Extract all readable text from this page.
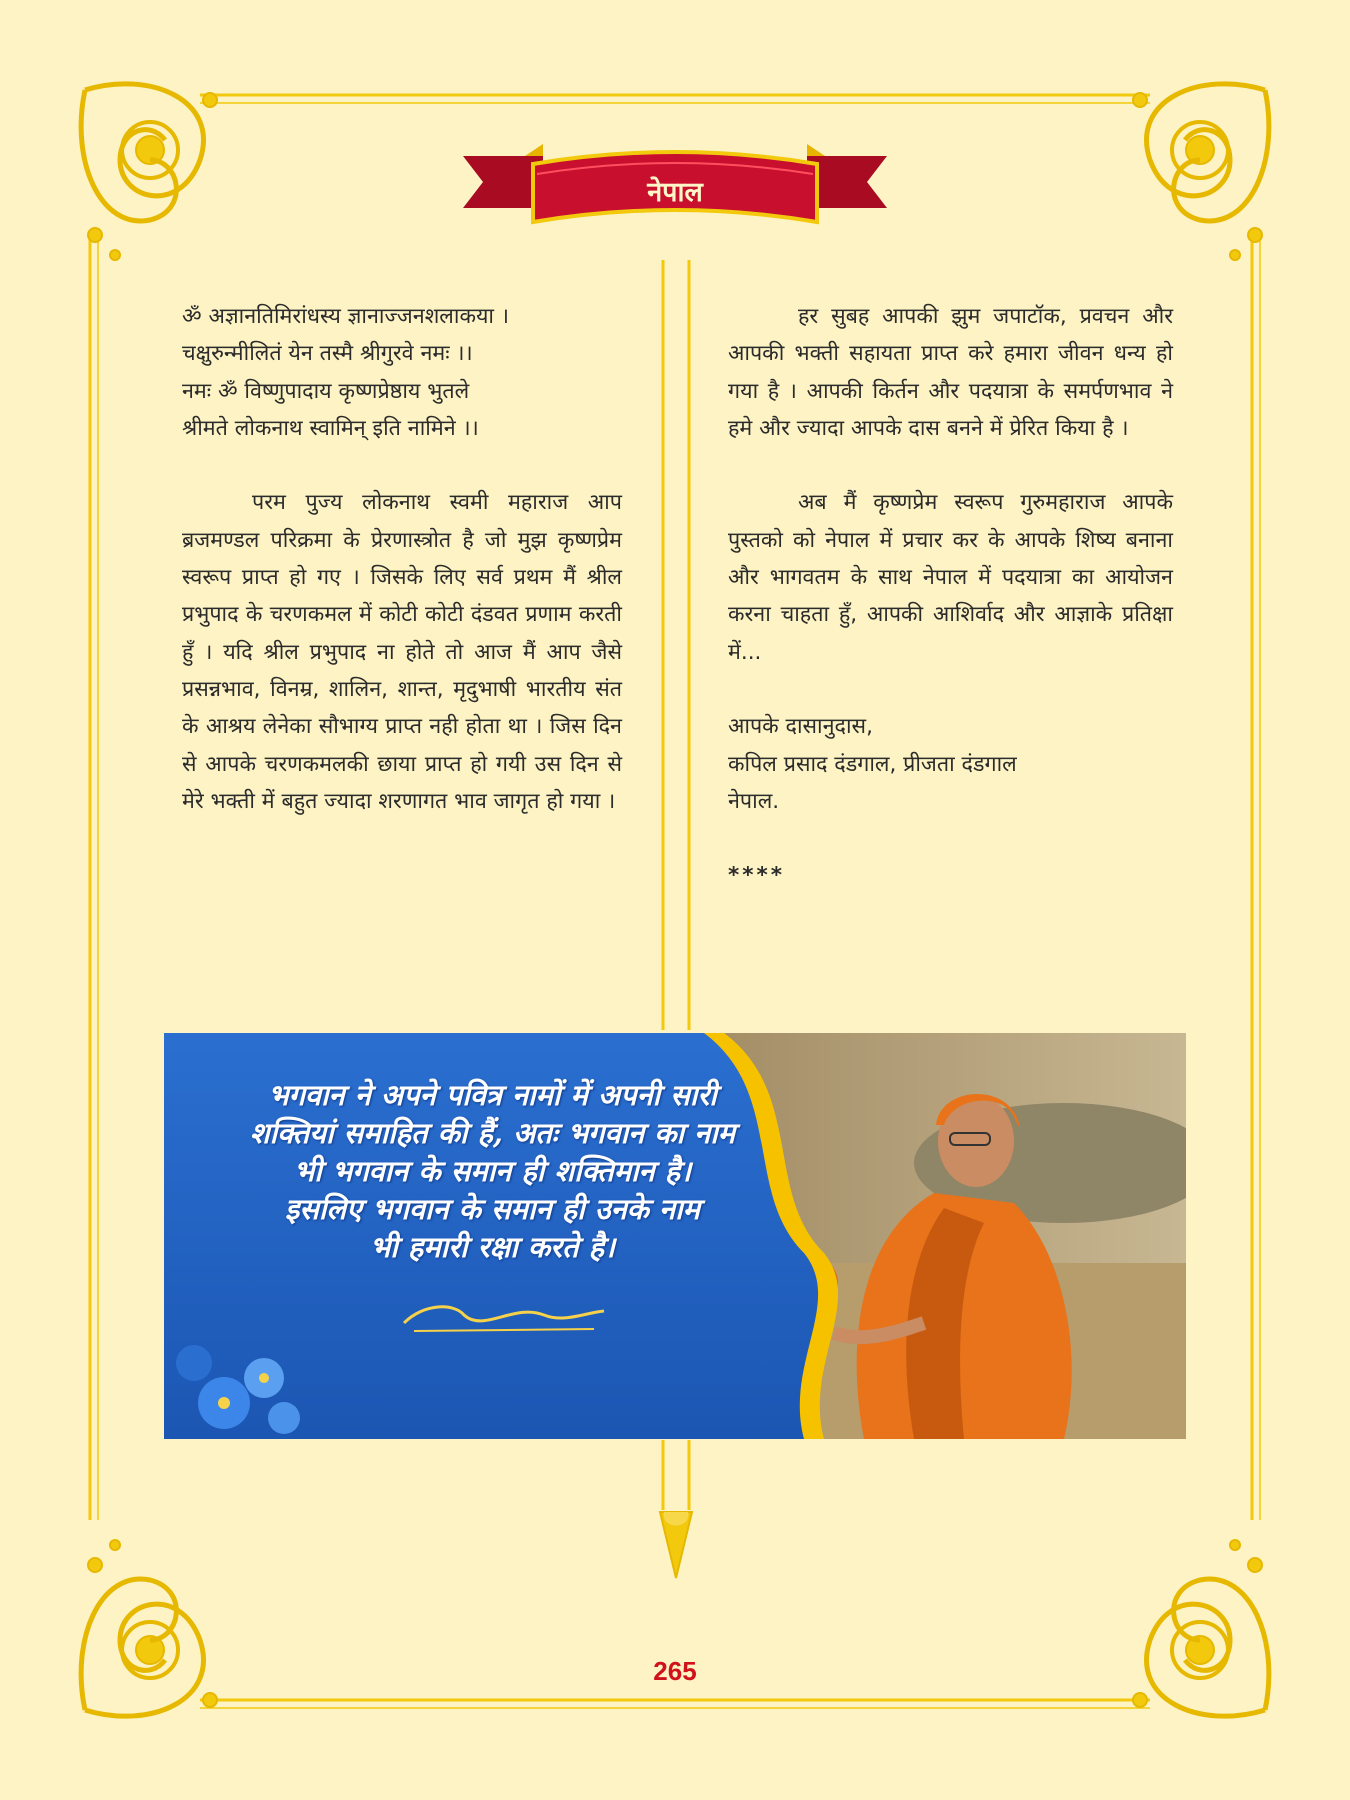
नेपाल

ॐ अज्ञानतिमिरांधस्य ज्ञानाज्जनशलाकया ।

चक्षुरुन्मीलितं येन तस्मै श्रीगुरवे नमः ।।

नमः ॐ विष्णुपादाय कृष्णप्रेष्ठाय भुतले

श्रीमते लोकनाथ स्वामिन् इति नामिने ।।

परम पुज्य लोकनाथ स्वमी महाराज आप ब्रजमण्डल परिक्रमा के प्रेरणास्त्रोत है जो मुझ कृष्णप्रेम स्वरूप प्राप्त हो गए । जिसके लिए सर्व प्रथम मैं श्रील प्रभुपाद के चरणकमल में कोटी कोटी दंडवत प्रणाम करती हुँ । यदि श्रील प्रभुपाद ना होते तो आज मैं आप जैसे प्रसन्नभाव, विनम्र, शालिन, शान्त, मृदुभाषी भारतीय संत के आश्रय लेनेका सौभाग्य प्राप्त नही होता था । जिस दिन से आपके चरणकमलकी छाया प्राप्त हो गयी उस दिन से मेरे भक्ती में बहुत ज्यादा शरणागत भाव जागृत हो गया ।

हर सुबह आपकी झुम जपाटॉक, प्रवचन और आपकी भक्ती सहायता प्राप्त करे हमारा जीवन धन्य हो गया है । आपकी किर्तन और पदयात्रा के समर्पणभाव ने हमे और ज्यादा आपके दास बनने में प्रेरित किया है ।

अब मैं कृष्णप्रेम स्वरूप गुरुमहाराज आपके पुस्तको को नेपाल में प्रचार कर के आपके शिष्य बनाना और भागवतम के साथ नेपाल में पदयात्रा का आयोजन करना चाहता हुँ, आपकी आशिर्वाद और आज्ञाके प्रतिक्षा में...

आपके दासानुदास,

कपिल प्रसाद दंडगाल, प्रीजता दंडगाल

नेपाल.

****

भगवान ने अपने पवित्र नामों में अपनी सारी

शक्तियां समाहित की हैं, अतः भगवान का नाम

भी भगवान के समान ही शक्तिमान है।

इसलिए भगवान के समान ही उनके नाम

भी हमारी रक्षा करते है।

265
